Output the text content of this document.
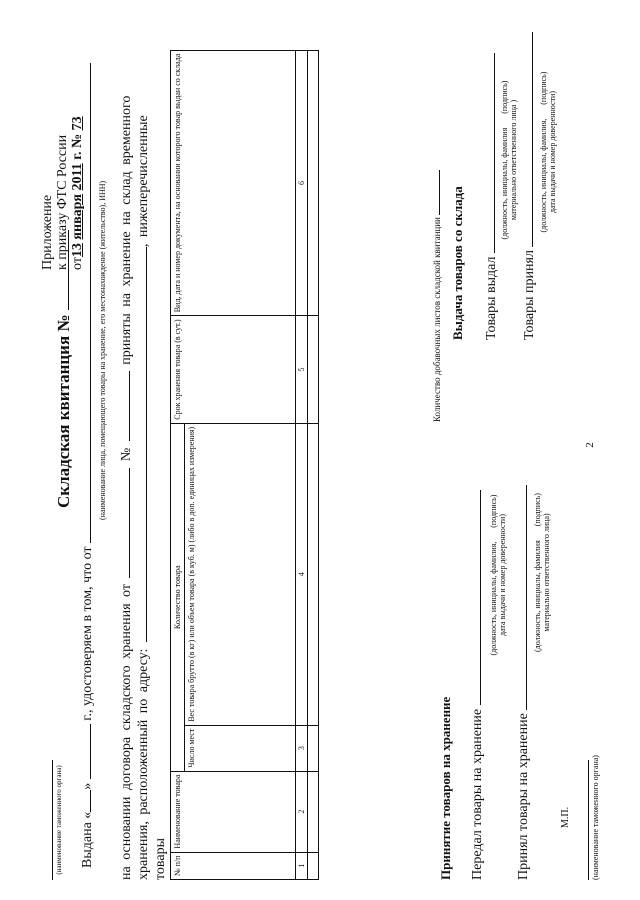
2
Приложение к приказу ФТС России от13 января 2011 г. № 73
(наименование таможенного органа)
Складская квитанция №
Выдана «»  г., удостоверяем в том, что от
(наименование лица, помещающего товары на хранение, его местонахождение (жительство), ИНН)
на основании договора складского хранения от  №  приняты на хранение на склад временного
хранения, расположенный по адресу: , нижеперечисленные
товары № п/п	Наименование товара	Количество товара		Срок хранения товара (в сут.)	Вид, дата и номер документа, на основании которого товар выдан со склада
		Число мест	Вес товара брутто (в кг) или объем товара (в куб. м) (либо в доп. единицах измерения)		
1	2	3	4	5	6

Принятие товаров на хранение Передал товары на хранение
(должность, инициалы, фамилия,       (подпись)
дата выдачи и номер доверенности)
Принял товары на хранение
(должность, инициалы, фамилия       (подпись)
материально ответственного лица)
М.П.	(наименование таможенного органа)
Количество добавочных листов складской квитанции Выдача товаров со склада Товары выдал
(должность, инициалы, фамилия       (подпись)
материально ответственного лица )
Товары принял
(должность, инициалы, фамилия,       (подпись)
дата выдачи и номер доверенности)
